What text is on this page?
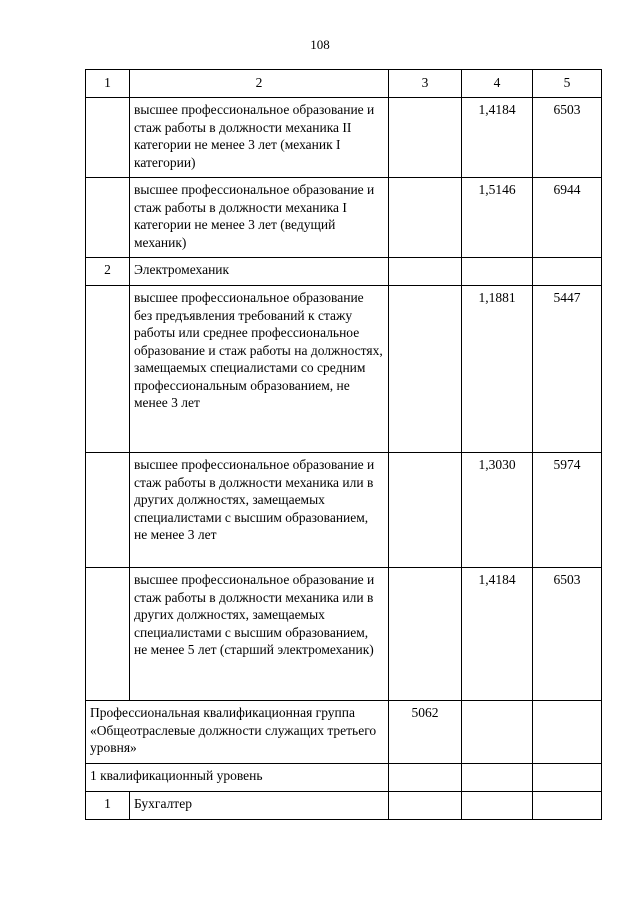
108
1	2	3	4	5
	высшее профессиональное образование и стаж работы в должности механика II категории не менее 3 лет (механик I категории)		1,4184	6503
	высшее профессиональное образование и стаж работы в должности механика I категории не менее 3 лет (ведущий механик)		1,5146	6944
2	Электромеханик			
	высшее профессиональное образование без предъявления требований к стажу работы или среднее профессиональное образование и стаж работы на должностях, замещаемых специалистами со средним профессиональным образованием, не менее 3 лет		1,1881	5447
	высшее профессиональное образование и стаж работы в должности механика или в других должностях, замещаемых специалистами с высшим образованием, не менее 3 лет		1,3030	5974
	высшее профессиональное образование и стаж работы в должности механика или в других должностях, замещаемых специалистами с высшим образованием, не менее 5 лет (старший электромеханик)		1,4184	6503
Профессиональная квалификационная группа «Общеотраслевые должности служащих третьего уровня»		5062		
1 квалификационный уровень				
1	Бухгалтер			
